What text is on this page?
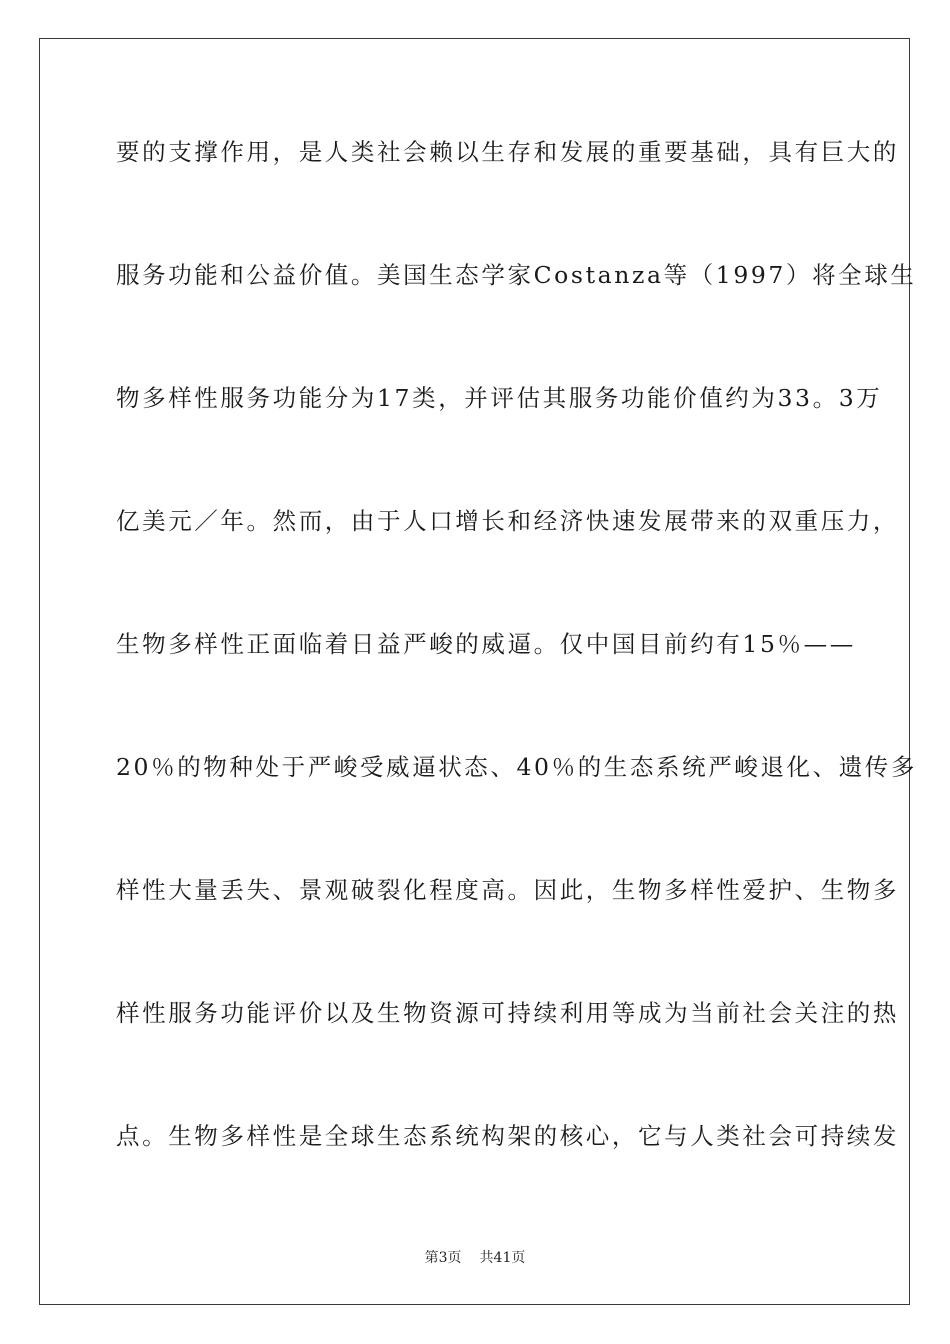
要的支撑作用，是人类社会赖以生存和发展的重要基础，具有巨大的
服务功能和公益价值。美国生态学家Costanza等（1997）将全球生
物多样性服务功能分为17类，并评估其服务功能价值约为33。3万
亿美元／年。然而，由于人口增长和经济快速发展带来的双重压力，
生物多样性正面临着日益严峻的威逼。仅中国目前约有15％——
20％的物种处于严峻受威逼状态、40％的生态系统严峻退化、遗传多
样性大量丢失、景观破裂化程度高。因此，生物多样性爱护、生物多
样性服务功能评价以及生物资源可持续利用等成为当前社会关注的热
点。生物多样性是全球生态系统构架的核心，它与人类社会可持续发
第3页 共41页
